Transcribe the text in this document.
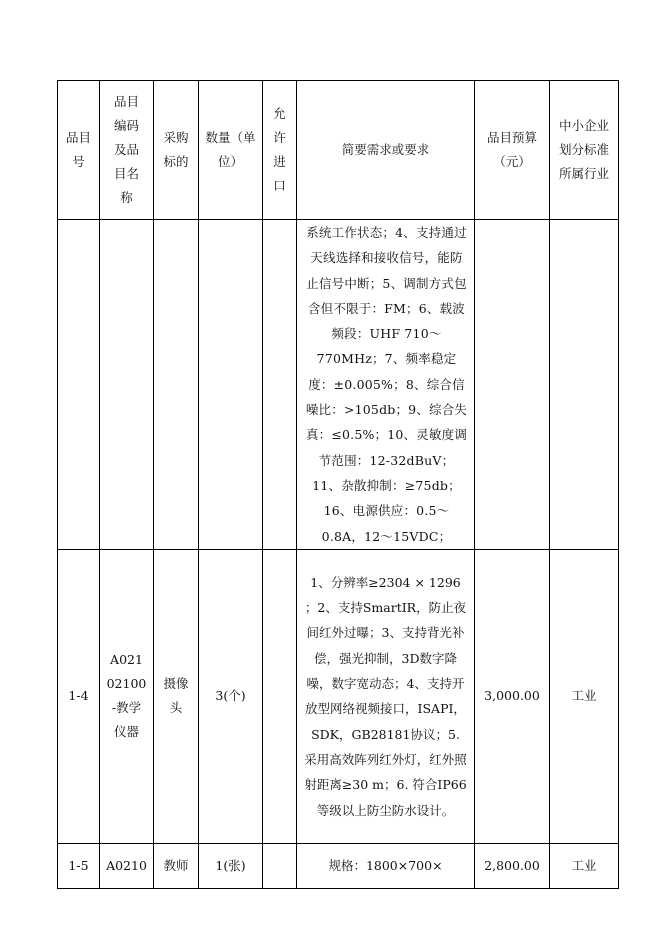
品目号	品目编码及品目名称	采购标的	数量（单位）	允许进口	简要需求或要求	品目预算（元）	中小企业划分标准所属行业

					系统工作状态；4、支持通过天线选择和接收信号，能防止信号中断；5、调制方式包含但不限于：FM；6、载波频段：UHF 710～770MHz；7、频率稳定度：±0.005%；8、综合信噪比：>105db；9、综合失真：≤0.5%；10、灵敏度调节范围：12-32dBuV；11、杂散抑制：≥75db；16、电源供应：0.5～0.8A，12～15VDC；		

1-4	A02102100-教学仪器	摄像头	3(个)		1、分辨率≥2304 × 1296 ；2、支持SmartIR，防止夜间红外过曝；3、支持背光补偿，强光抑制，3D数字降噪，数字宽动态；4、支持开放型网络视频接口，ISAPI，SDK，GB28181协议；5. 采用高效阵列红外灯，红外照射距离≥30 m；6. 符合IP66等级以上防尘防水设计。	3,000.00	工业

1-5	A0210	教师	1(张)		规格：1800×700×	2,800.00	工业
